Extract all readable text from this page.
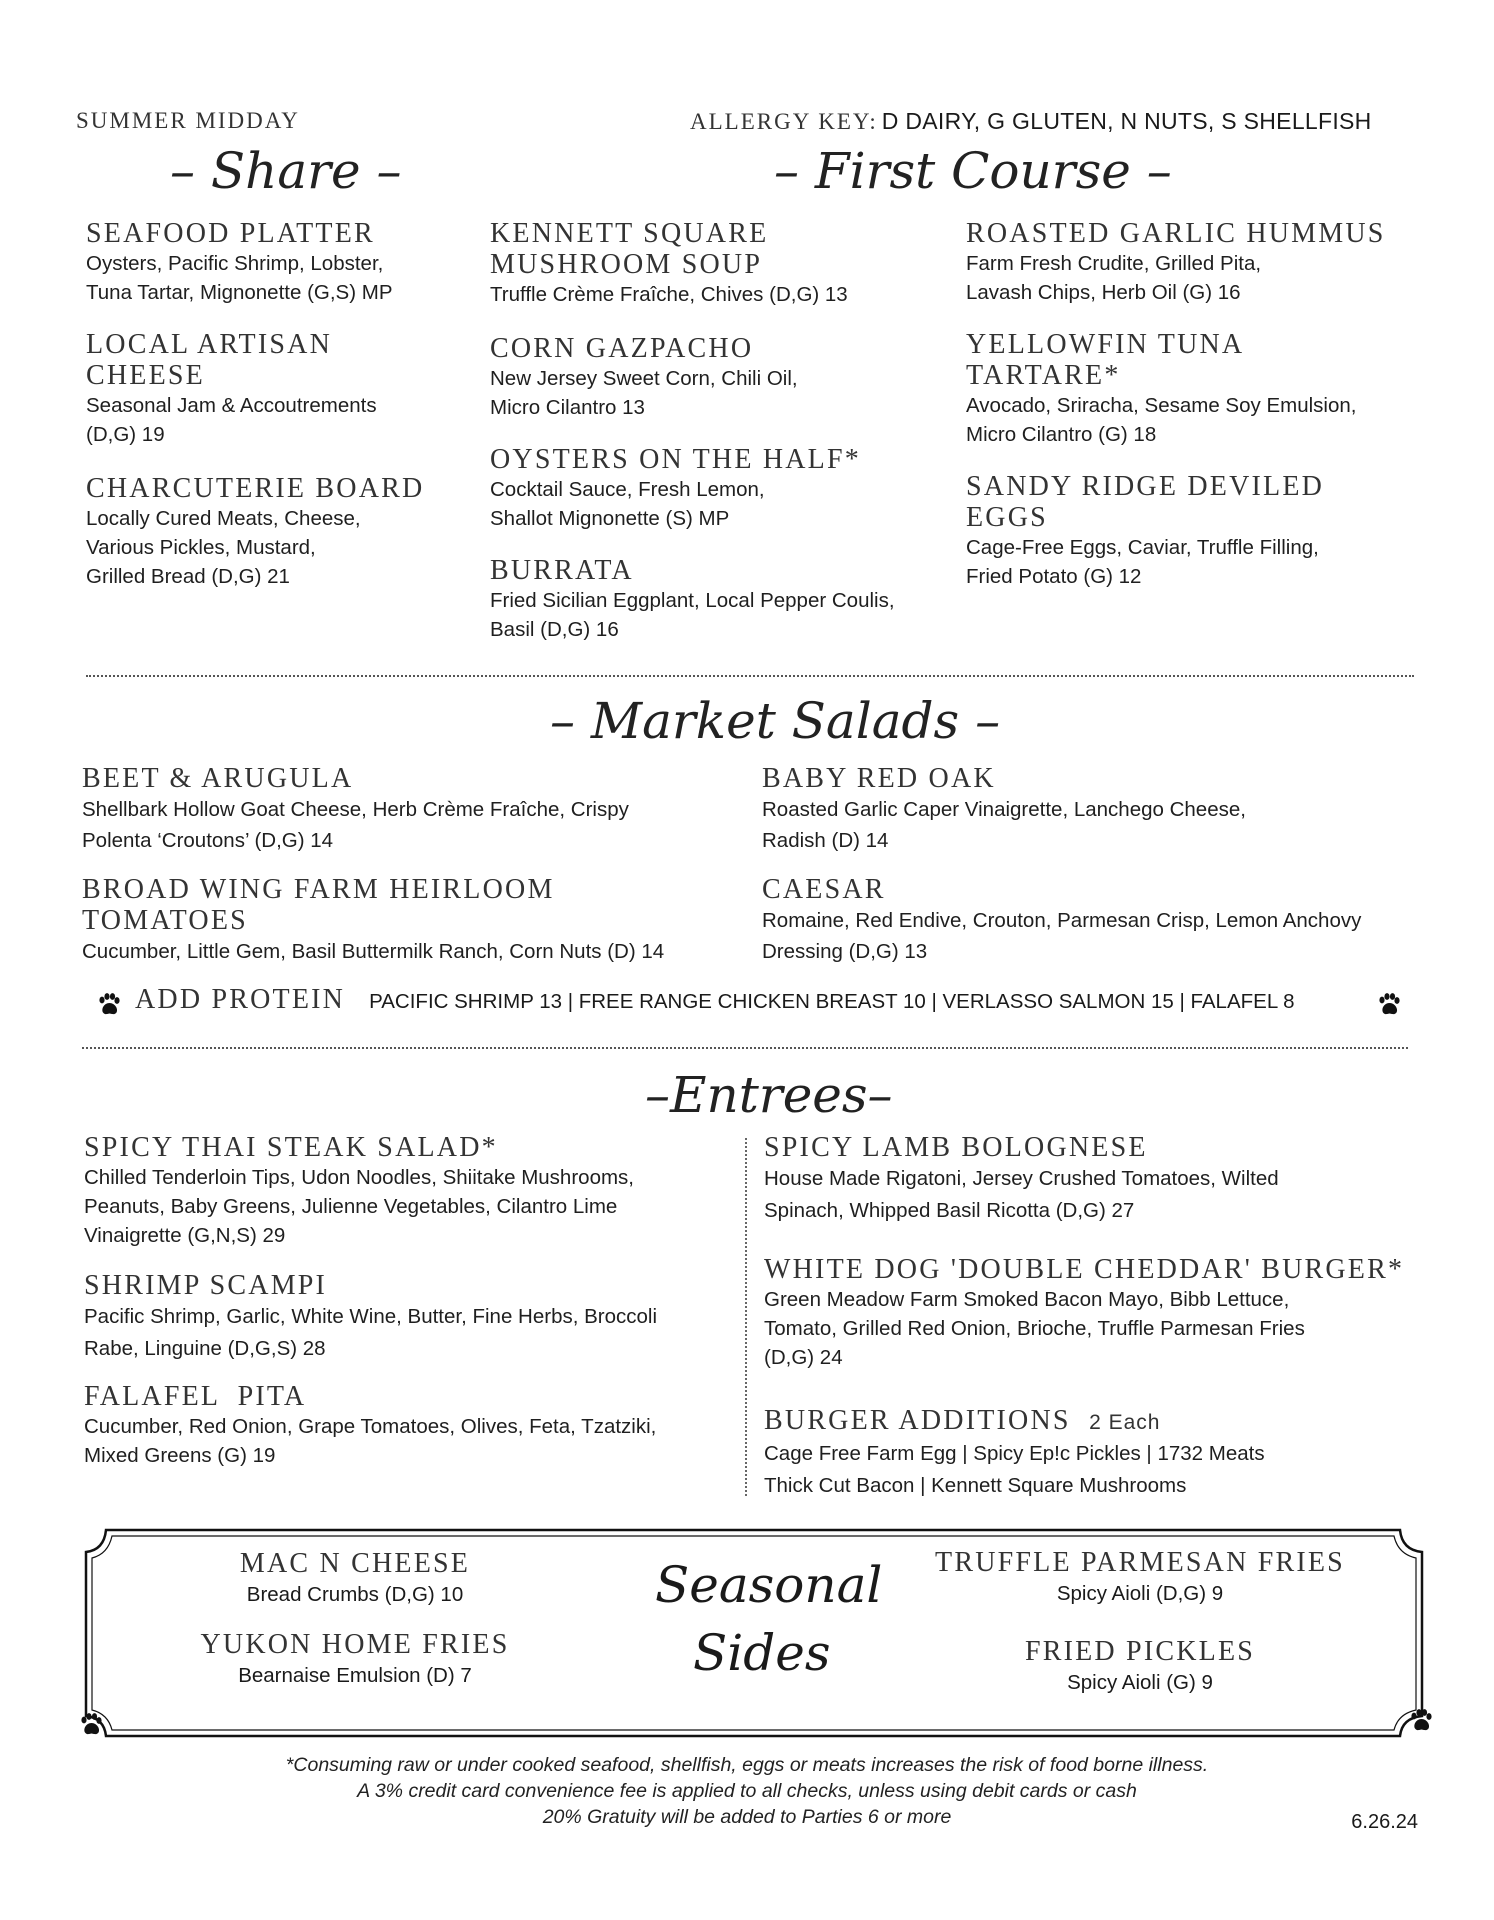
SUMMER MIDDAY	ALLERGY KEY: D DAIRY, G GLUTEN, N NUTS, S SHELLFISH
– Share –	– First Course –
SEAFOOD PLATTER
Oysters, Pacific Shrimp, Lobster,
Tuna Tartar, Mignonette (G,S) MP
LOCAL ARTISAN
CHEESE
Seasonal Jam & Accoutrements
(D,G) 19
CHARCUTERIE BOARD
Locally Cured Meats, Cheese,
Various Pickles, Mustard,
Grilled Bread (D,G) 21
KENNETT SQUARE
MUSHROOM SOUP
Truffle Crème Fraîche, Chives (D,G) 13
CORN GAZPACHO
New Jersey Sweet Corn, Chili Oil,
Micro Cilantro 13
OYSTERS ON THE HALF*
Cocktail Sauce, Fresh Lemon,
Shallot Mignonette (S) MP
BURRATA
Fried Sicilian Eggplant, Local Pepper Coulis,
Basil (D,G) 16
ROASTED GARLIC HUMMUS
Farm Fresh Crudite, Grilled Pita,
Lavash Chips, Herb Oil (G) 16
YELLOWFIN TUNA
TARTARE*
Avocado, Sriracha, Sesame Soy Emulsion,
Micro Cilantro (G) 18
SANDY RIDGE DEVILED
EGGS
Cage-Free Eggs, Caviar, Truffle Filling,
Fried Potato (G) 12
– Market Salads –
BEET & ARUGULA
Shellbark Hollow Goat Cheese, Herb Crème Fraîche, Crispy
Polenta ‘Croutons’ (D,G) 14
BABY RED OAK
Roasted Garlic Caper Vinaigrette, Lanchego Cheese,
Radish (D) 14
BROAD WING FARM HEIRLOOM
TOMATOES
Cucumber, Little Gem, Basil Buttermilk Ranch, Corn Nuts (D) 14
CAESAR
Romaine, Red Endive, Crouton, Parmesan Crisp, Lemon Anchovy
Dressing (D,G) 13
ADD PROTEIN PACIFIC SHRIMP 13 | FREE RANGE CHICKEN BREAST 10 | VERLASSO SALMON 15 | FALAFEL 8
–Entrees–
SPICY THAI STEAK SALAD*
Chilled Tenderloin Tips, Udon Noodles, Shiitake Mushrooms,
Peanuts, Baby Greens, Julienne Vegetables, Cilantro Lime
Vinaigrette (G,N,S) 29
SHRIMP SCAMPI
Pacific Shrimp, Garlic, White Wine, Butter, Fine Herbs, Broccoli
Rabe, Linguine (D,G,S) 28
FALAFEL  PITA
Cucumber, Red Onion, Grape Tomatoes, Olives, Feta, Tzatziki,
Mixed Greens (G) 19
SPICY LAMB BOLOGNESE
House Made Rigatoni, Jersey Crushed Tomatoes, Wilted
Spinach, Whipped Basil Ricotta (D,G) 27
WHITE DOG 'DOUBLE CHEDDAR' BURGER*
Green Meadow Farm Smoked Bacon Mayo, Bibb Lettuce,
Tomato, Grilled Red Onion, Brioche, Truffle Parmesan Fries
(D,G) 24
BURGER ADDITIONS 2 Each
Cage Free Farm Egg | Spicy Ep!c Pickles | 1732 Meats
Thick Cut Bacon | Kennett Square Mushrooms
Seasonal
Sides
MAC N CHEESE
Bread Crumbs (D,G) 10
YUKON HOME FRIES
Bearnaise Emulsion (D) 7
TRUFFLE PARMESAN FRIES
Spicy Aioli (D,G) 9
FRIED PICKLES
Spicy Aioli (G) 9
*Consuming raw or under cooked seafood, shellfish, eggs or meats increases the risk of food borne illness.
A 3% credit card convenience fee is applied to all checks, unless using debit cards or cash
20% Gratuity will be added to Parties 6 or more	6.26.24
